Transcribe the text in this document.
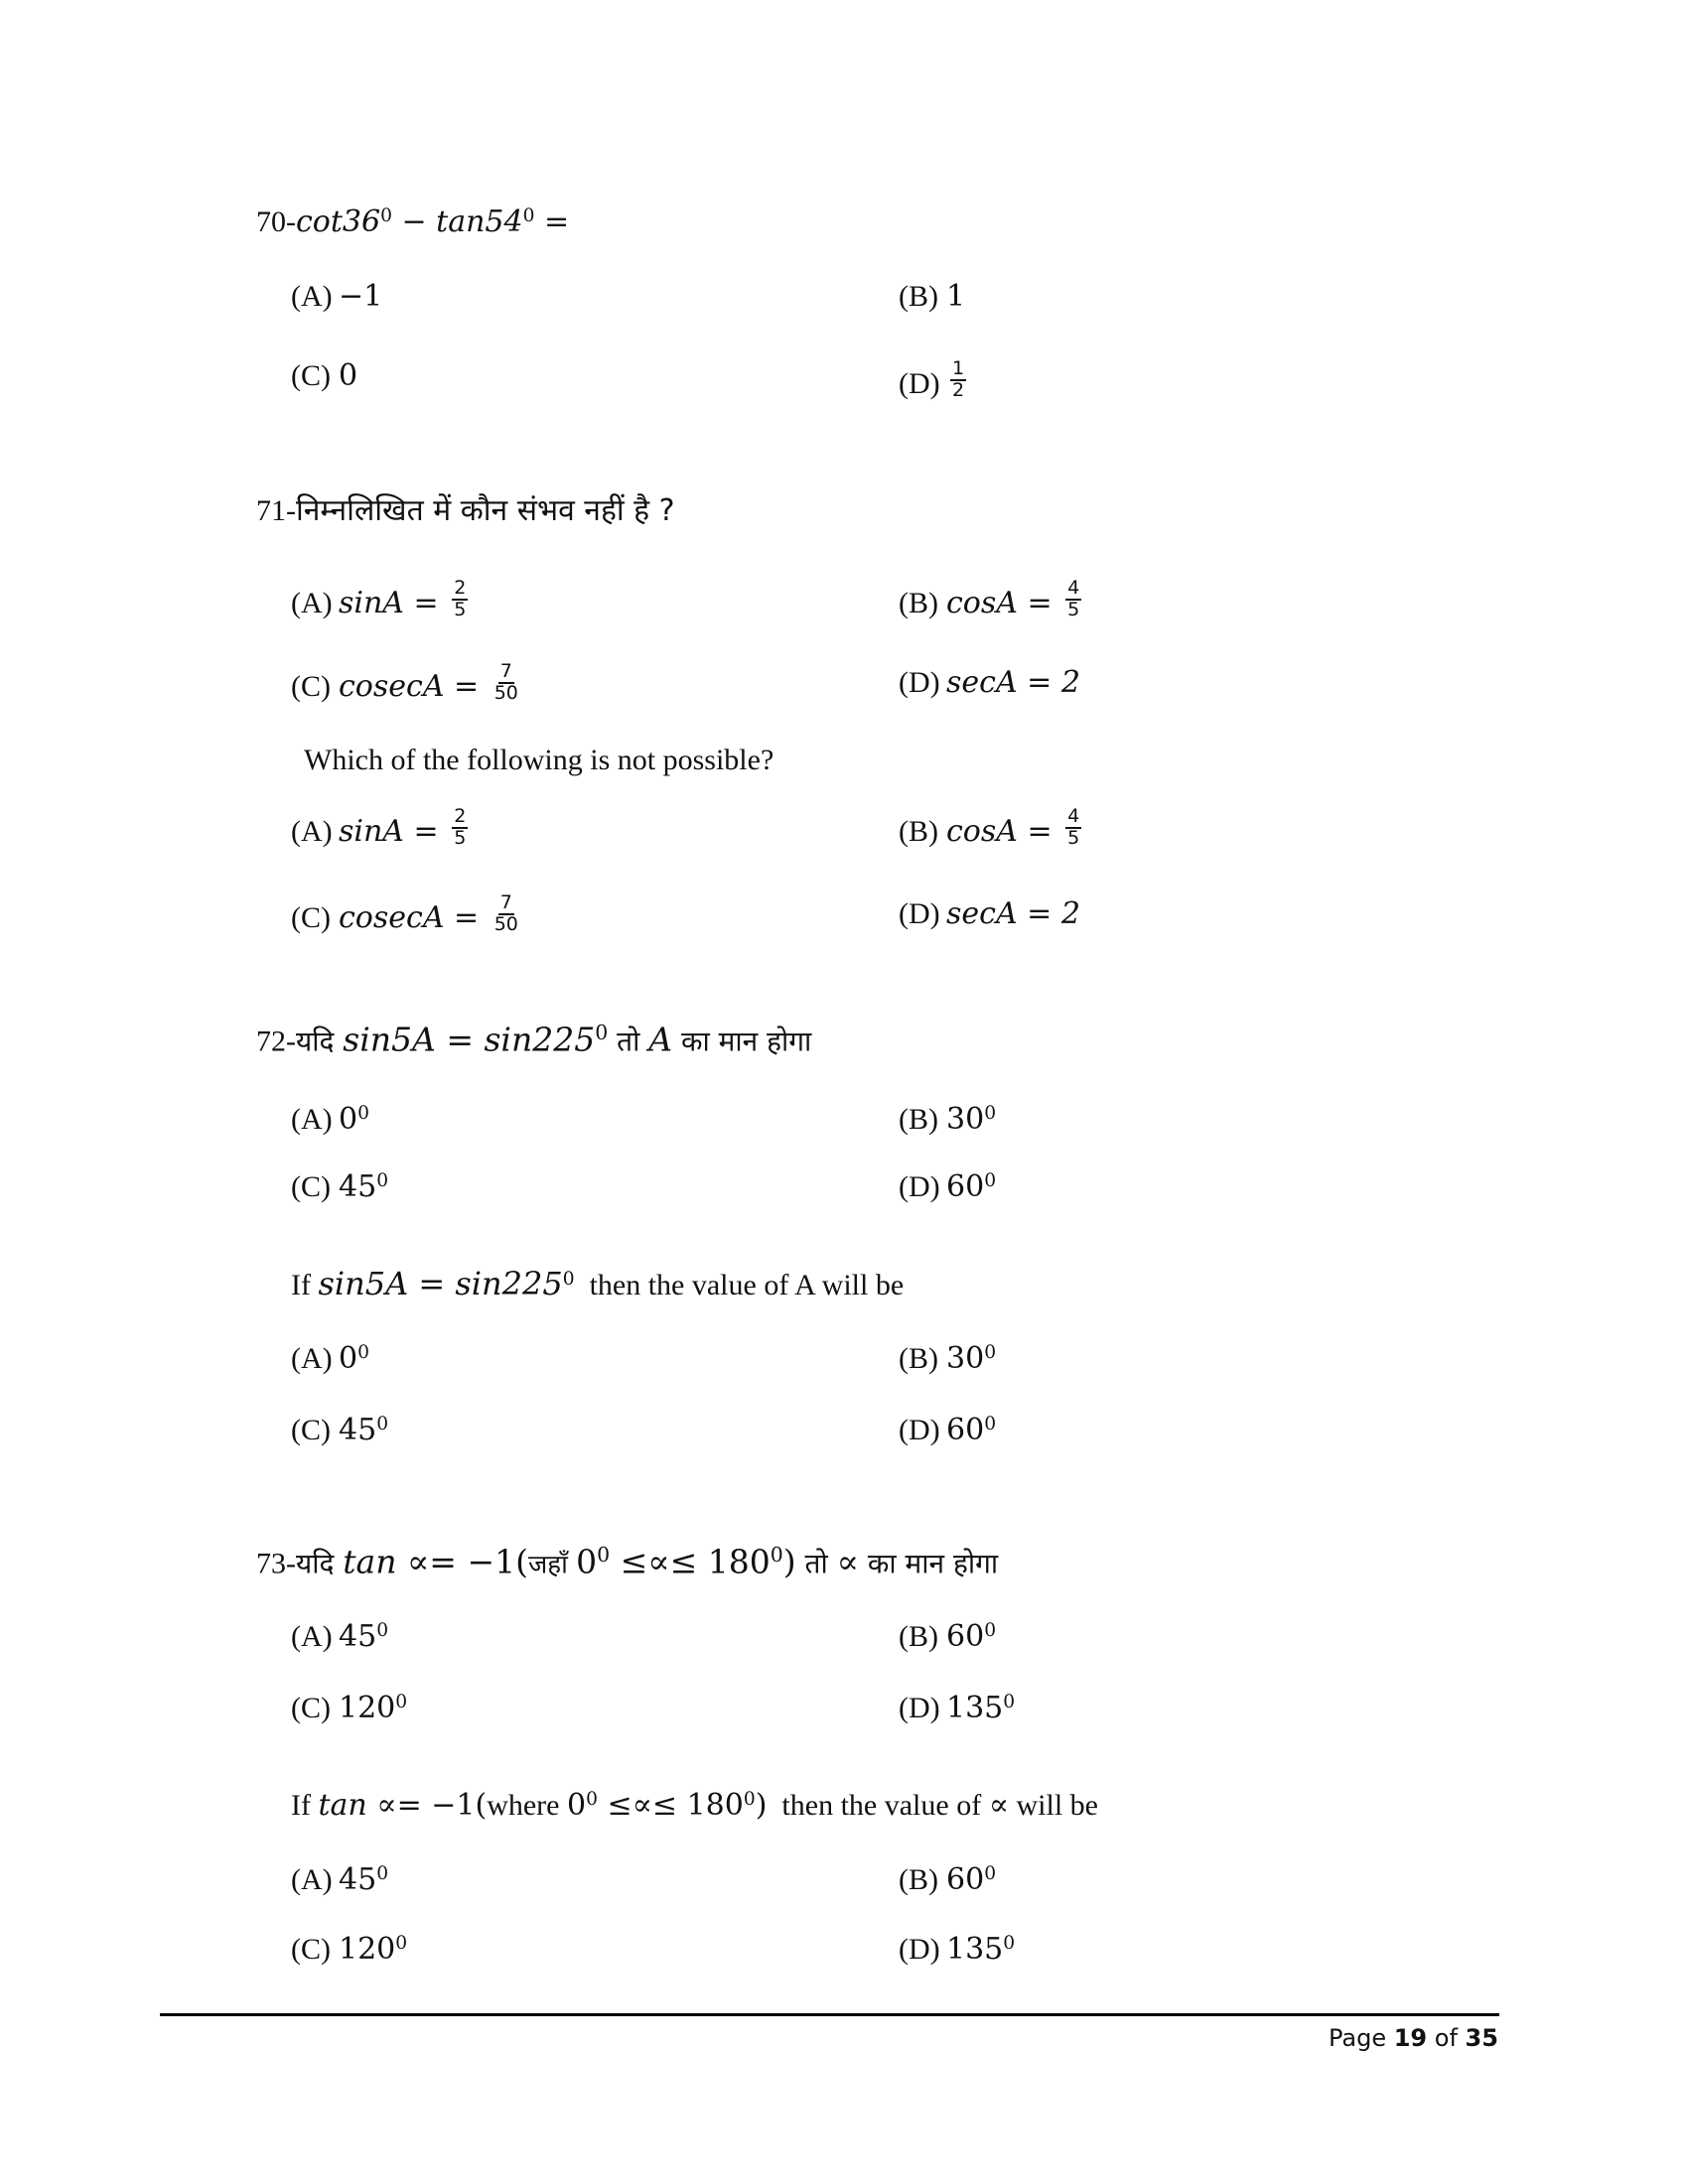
$70-\cot 36^0 - \tan 54^0$ =
(A) −1	(B) 1
(C) 0	$(D) \frac{1}{2}$
71-निम्नलिखित में कौन संभव नहीं है ?
(A) $\sin A = \frac{2}{5}$	(B) $\cos A = \frac{4}{5}$
(C) $cosecA = \frac{7}{50}$	(D) secA = 2
Which of the following is not possible?
(A) $\sin A = \frac{2}{5}$	(B) $\cos A = \frac{4}{5}$
(C) $cosecA = \frac{7}{50}$	(D) secA = 2
72-यदि $\sin 5A = \sin 225^0$ तो A का मान होगा
(A) $0^0$	(B) $30^0$
(C) $45^0$	(D) $60^0$
If $\sin 5A = \sin 225^0$  then the value of A will be
(A) $0^0$	(B) $30^0$
(C) $45^0$	(D) $60^0$
73-यदि tan ∝= −1(जहाँ $0^0$ ≤∝≤ $180^0$) तो ∝ का मान होगा
(A) $45^0$	(B) $60^0$
(C) $120^0$	(D) $135^0$
If tan ∝= −1(where $0^0$ ≤∝≤ $180^0$)  then the value of ∝ will be
(A) $45^0$	(B) $60^0$
(C) $120^0$	(D) $135^0$
Page 19 of 35
